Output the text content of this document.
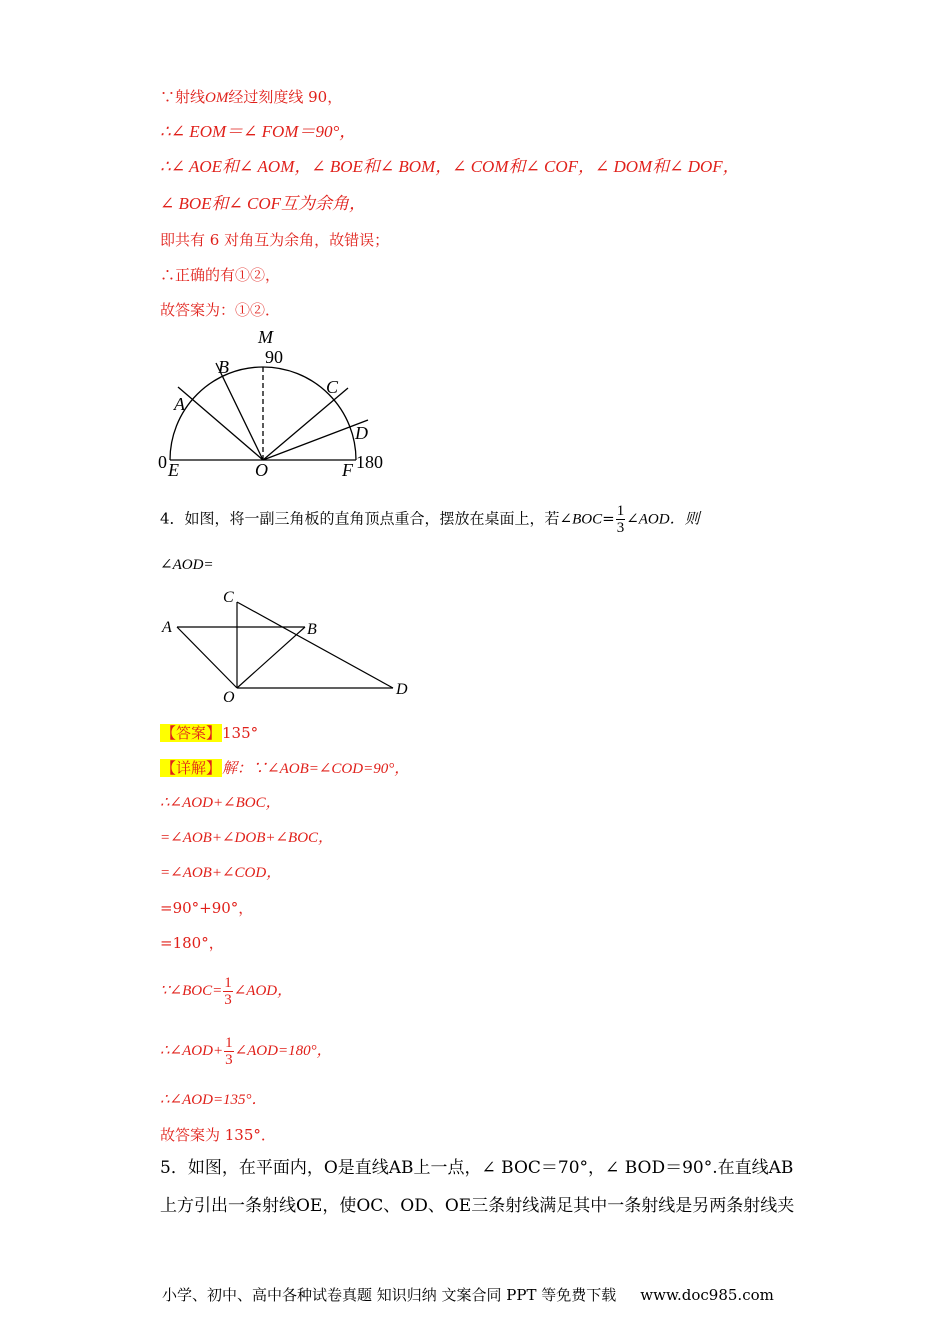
∵射线OM经过刻度线 90，
∴∠ EOM＝∠ FOM＝90°，
∴∠ AOE和∠ AOM，∠ BOE和∠ BOM，∠ COM和∠ COF，∠ DOM和∠ DOF，
∠ BOE和∠ COF互为余角，
即共有 6 对角互为余角，故错误；
∴正确的有①②，
故答案为：①②．
M
B
C
A
D
E	O	F
90
0	180
4．如图，将一副三角板的直角顶点重合，摆放在桌面上，若∠BOC= $\frac{1}{3}$ ∠AOD．则
∠AOD=
C
A	B
O	D
【答案】135°
【详解】解：∵∠AOB=∠COD=90°，
∴∠AOD+∠BOC，
=∠AOB+∠DOB+∠BOC，
=∠AOB+∠COD，
=90°+90°，
=180°，
∵∠BOC= $\frac{1}{3}$ ∠AOD，
∴∠AOD+ $\frac{1}{3}$ ∠AOD=180°，
∴∠AOD=135°．
故答案为 135°．
5．如图，在平面内，O是直线AB上一点，∠ BOC＝70°，∠ BOD＝90°.在直线AB
上方引出一条射线OE，使OC、OD、OE三条射线满足其中一条射线是另两条射线夹
小学、初中、高中各种试卷真题 知识归纳 文案合同 PPT 等免费下载 www.doc985.com
